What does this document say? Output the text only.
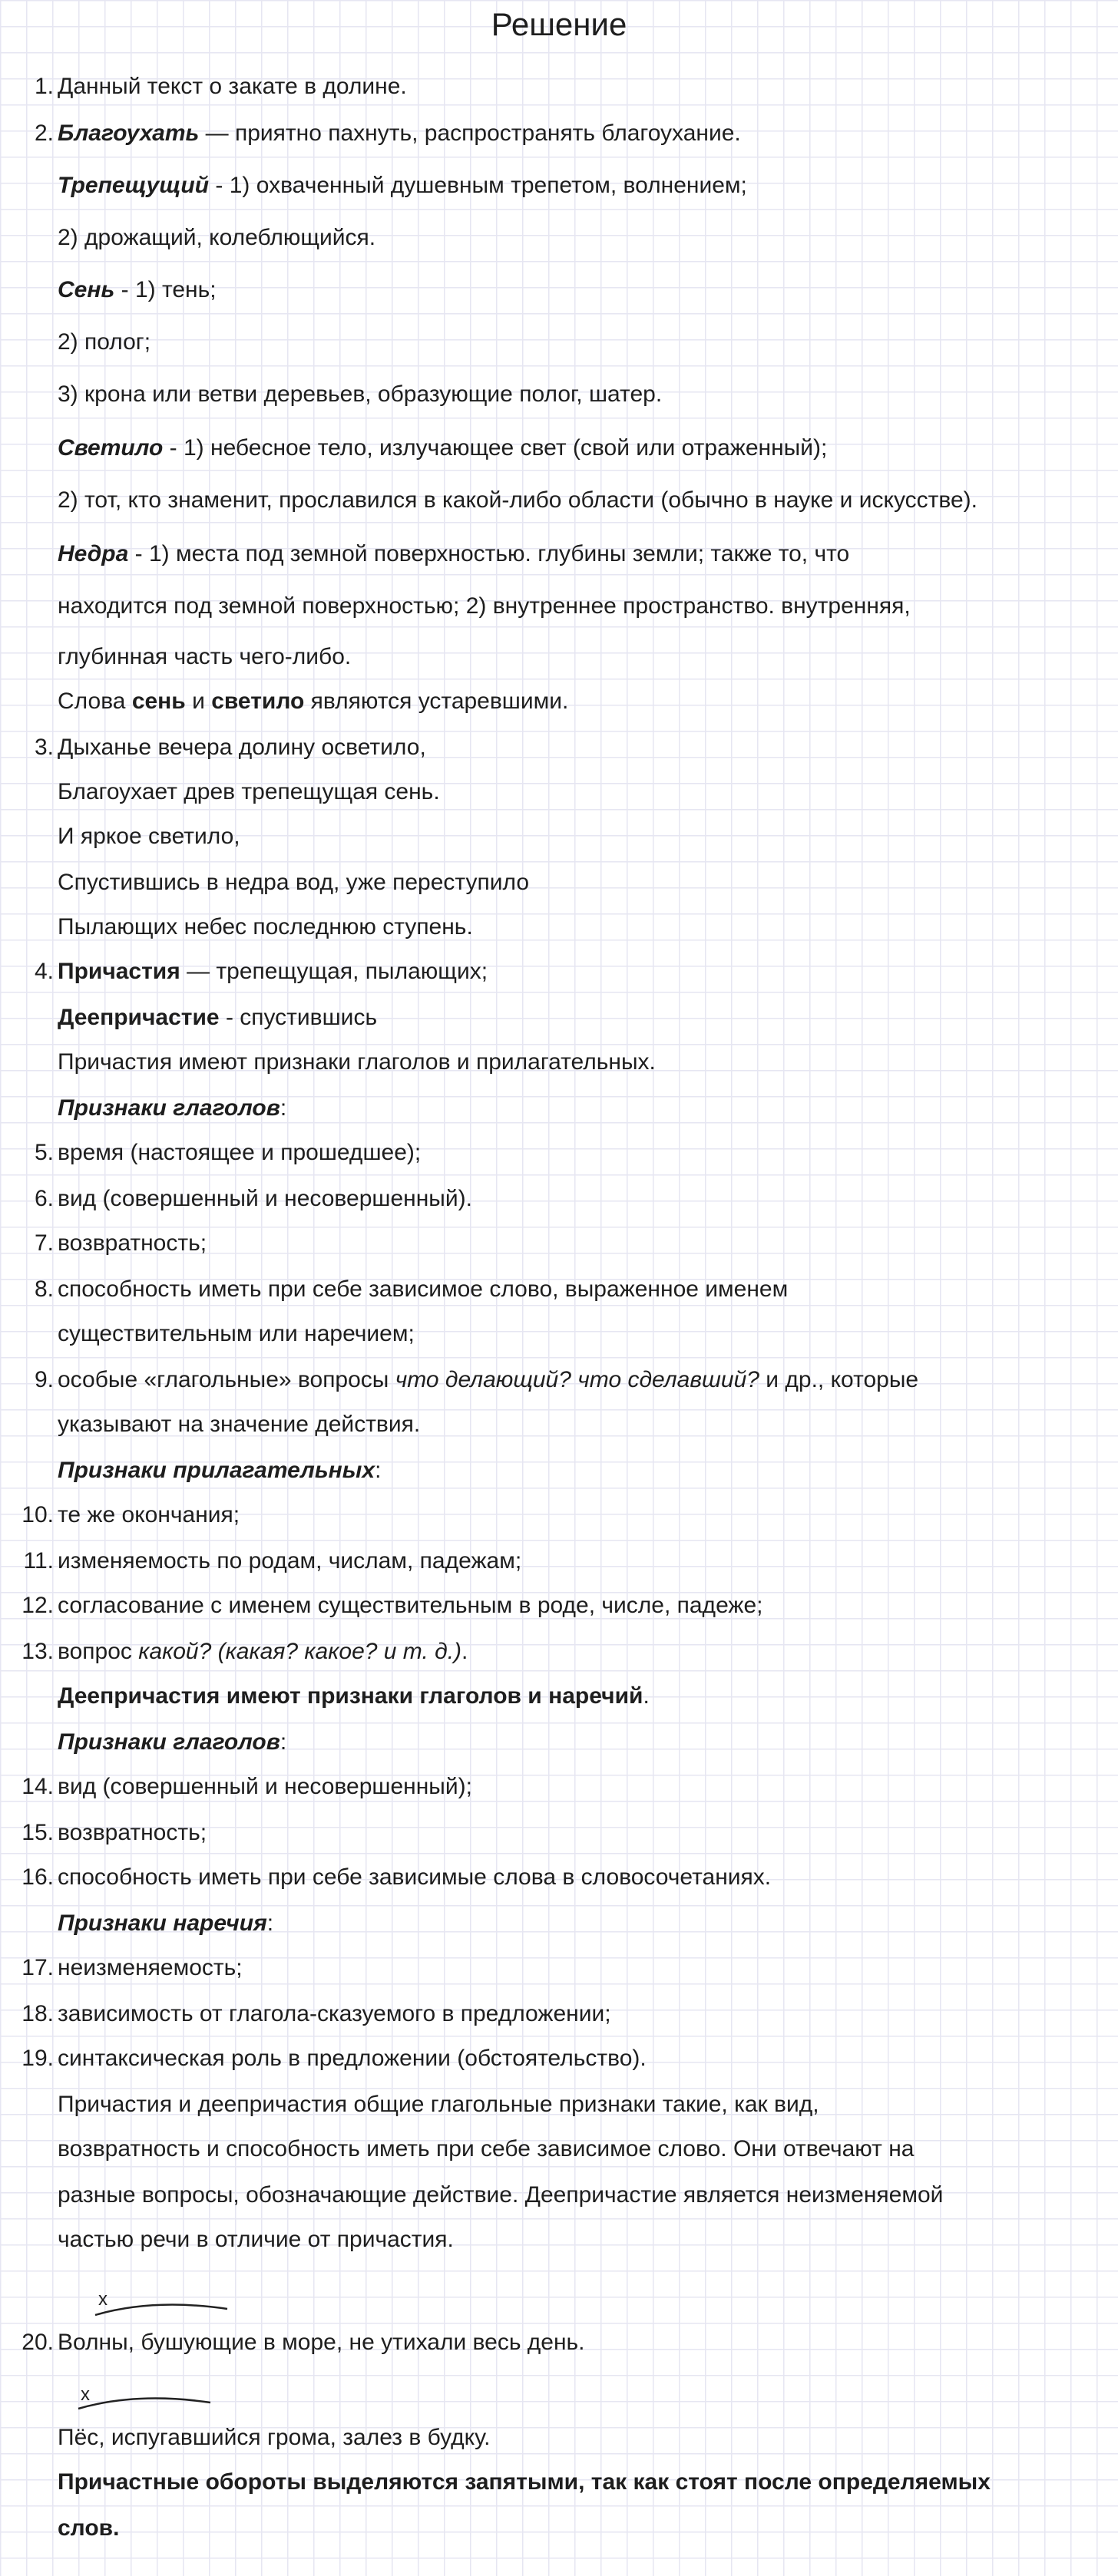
Решение
1. Данный текст о закате в долине.
2. Благоухать — приятно пахнуть, распространять благоухание.
Трепещущий - 1) охваченный душевным трепетом, волнением;
2) дрожащий, колеблющийся.
Сень - 1) тень;
2) полог;
3) крона или ветви деревьев, образующие полог, шатер.
Светило - 1) небесное тело, излучающее свет (свой или отраженный);
2) тот, кто знаменит, прославился в какой-либо области (обычно в науке и искусстве).
Недра - 1) места под земной поверхностью. глубины земли; также то, что
находится под земной поверхностью; 2) внутреннее пространство. внутренняя,
глубинная часть чего-либо.
Слова сень и светило являются устаревшими.
3. Дыханье вечера долину осветило,
Благоухает древ трепещущая сень.
И яркое светило,
Спустившись в недра вод, уже переступило
Пылающих небес последнюю ступень.
4. Причастия — трепещущая, пылающих;
Деепричастие - спустившись
Причастия имеют признаки глаголов и прилагательных.
Признаки глаголов:
5. время (настоящее и прошедшее);
6. вид (совершенный и несовершенный).
7. возвратность;
8. способность иметь при себе зависимое слово, выраженное именем
существительным или наречием;
9. особые «глагольные» вопросы что делающий? что сделавший? и др., которые
указывают на значение действия.
Признаки прилагательных:
10. те же окончания;
11. изменяемость по родам, числам, падежам;
12. согласование с именем существительным в роде, числе, падеже;
13. вопрос какой? (какая? какое? и т. д.).
Деепричастия имеют признаки глаголов и наречий.
Признаки глаголов:
14. вид (совершенный и несовершенный);
15. возвратность;
16. способность иметь при себе зависимые слова в словосочетаниях.
Признаки наречия:
17. неизменяемость;
18. зависимость от глагола-сказуемого в предложении;
19. синтаксическая роль в предложении (обстоятельство).
Причастия и деепричастия общие глагольные признаки такие, как вид,
возвратность и способность иметь при себе зависимое слово. Они отвечают на
разные вопросы, обозначающие действие. Деепричастие является неизменяемой
частью речи в отличие от причастия.
x
20. Волны, бушующие в море, не утихали весь день.
x
Пёс, испугавшийся грома, залез в будку.
Причастные обороты выделяются запятыми, так как стоят после определяемых
слов.
